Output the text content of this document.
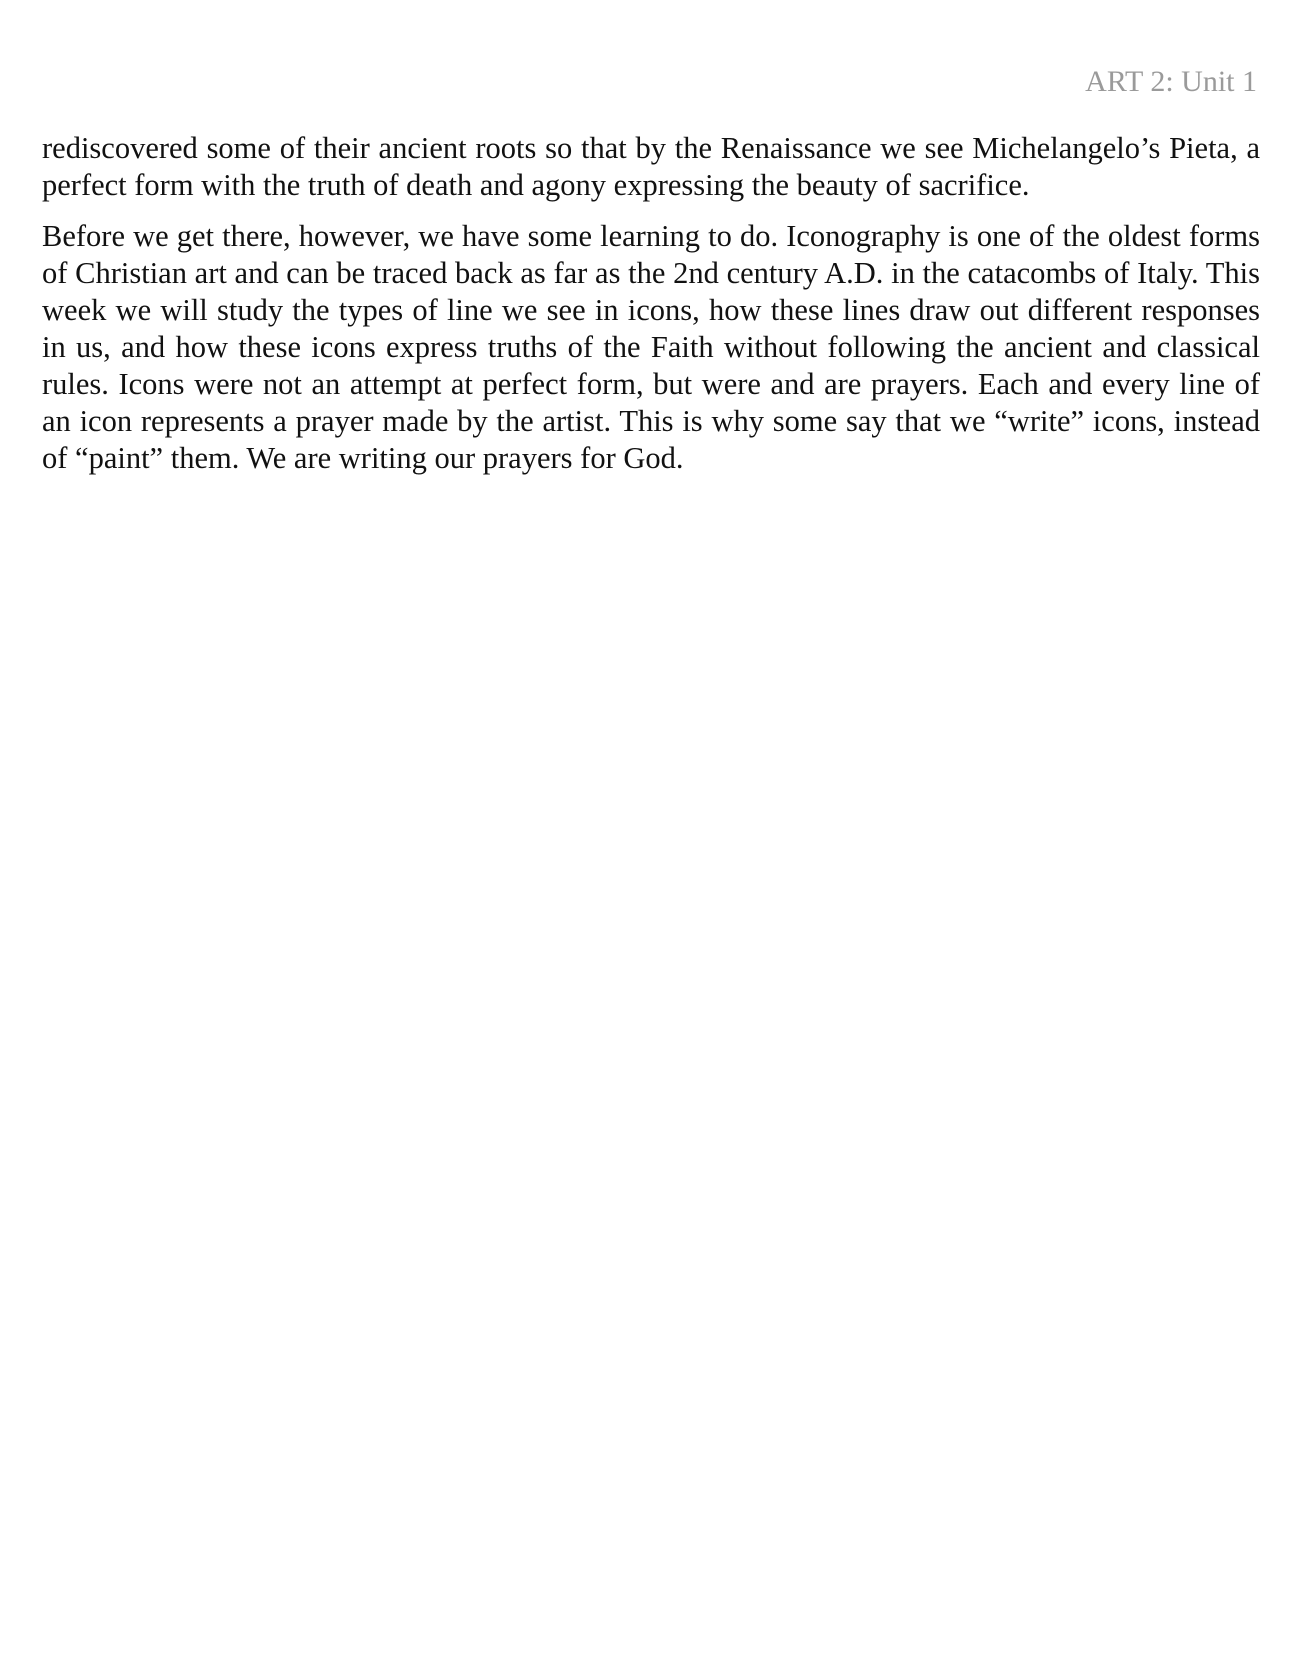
ART 2: Unit 1

rediscovered some of their ancient roots so that by the Renaissance we see Michelangelo’s Pieta, a perfect form with the truth of death and agony expressing the beauty of sacrifice.

Before we get there, however, we have some learning to do. Iconography is one of the oldest forms of Christian art and can be traced back as far as the 2nd century A.D. in the catacombs of Italy. This week we will study the types of line we see in icons, how these lines draw out different responses in us, and how these icons express truths of the Faith without following the ancient and classical rules. Icons were not an attempt at perfect form, but were and are prayers. Each and every line of an icon represents a prayer made by the artist. This is why some say that we “write” icons, instead of “paint” them. We are writing our prayers for God.
